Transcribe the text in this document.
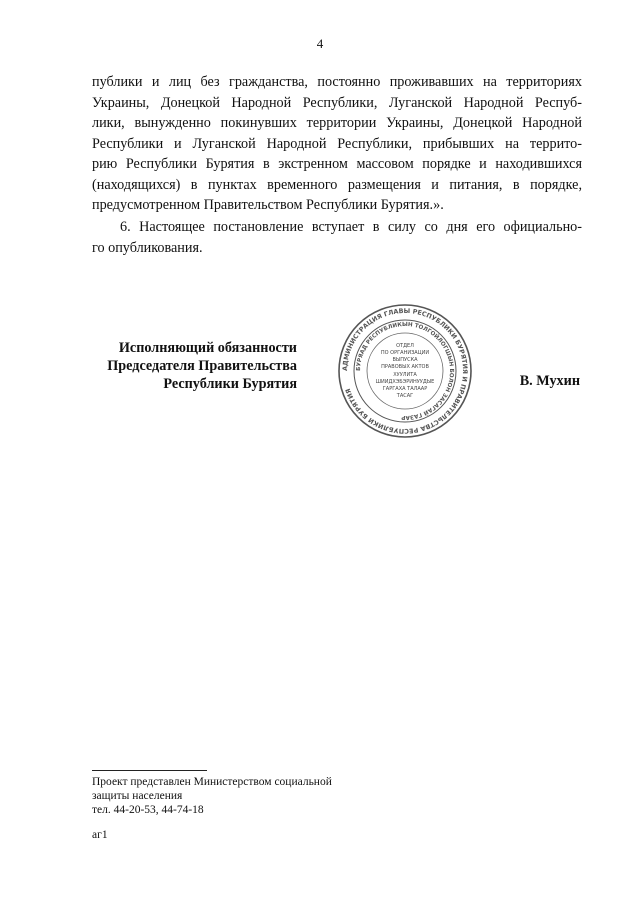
4
публики и лиц без гражданства, постоянно проживавших на территориях
Украины, Донецкой Народной Республики, Луганской Народной Респуб-
лики, вынужденно покинувших территории Украины, Донецкой Народной
Республики и Луганской Народной Республики, прибывших на террито-
рию Республики Бурятия в экстренном массовом порядке и находившихся
(находящихся) в пунктах временного размещения и питания, в порядке,
предусмотренном Правительством Республики Бурятия.».
6. Настоящее постановление вступает в силу со дня его официально-
го опубликования.
Исполняющий обязанности
Председателя Правительства
Республики Бурятия
АДМИНИСТРАЦИЯ ГЛАВЫ РЕСПУБЛИКИ БУРЯТИЯ И ПРАВИТЕЛЬСТВА РЕСПУБЛИКИ БУРЯТИЯ
БУРЯАД РЕСПУБЛИКЫН ТОЛГОЙЛОГШЫН БОЛОН ЗАСАГАЙ ГАЗАР
ОТДЕЛ
ПО ОРГАНИЗАЦИИ
ВЫПУСКА
ПРАВОВЫХ АКТОВ
ХУУЛИТА
ШИИДХЭБЭРИНУУДЫЕ
ГАРГАХА ТАЛААР
ТАСАГ
В. Мухин
Проект представлен Министерством социальной
защиты населения
тел. 44-20-53, 44-74-18
аг1
